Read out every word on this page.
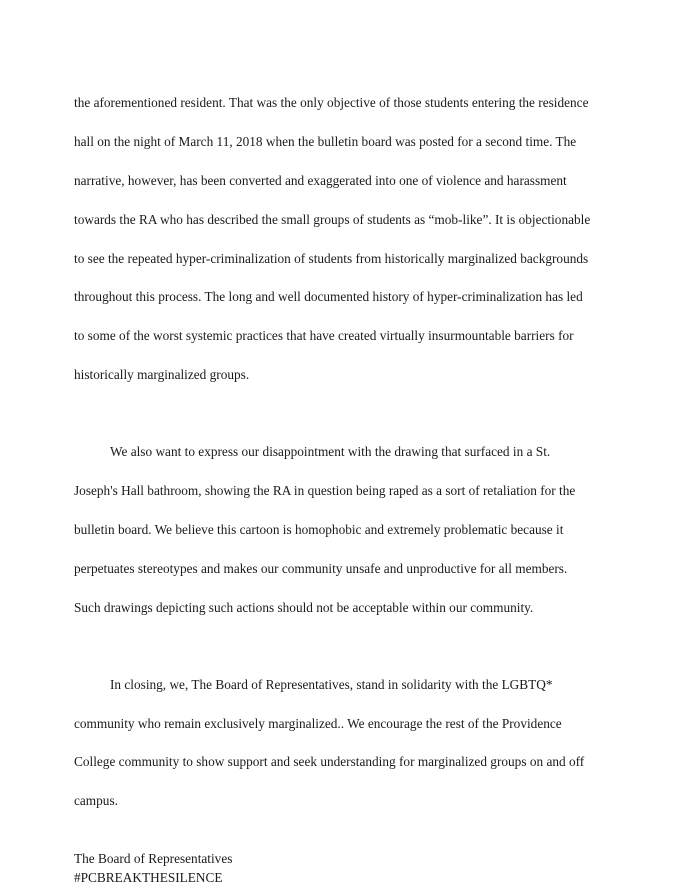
the aforementioned resident. That was the only objective of those students entering the residence

hall on the night of March 11, 2018 when the bulletin board was posted for a second time. The

narrative, however, has been converted and exaggerated into one of violence and harassment

towards the RA who has described the small groups of students as “mob-like”. It is objectionable

to see the repeated hyper-criminalization of students from historically marginalized backgrounds

throughout this process. The long and well documented history of hyper-criminalization has led

to some of the worst systemic practices that have created virtually insurmountable barriers for

historically marginalized groups.

We also want to express our disappointment with the drawing that surfaced in a St.

Joseph's Hall bathroom, showing the RA in question being raped as a sort of retaliation for the

bulletin board. We believe this cartoon is homophobic and extremely problematic because it

perpetuates stereotypes and makes our community unsafe and unproductive for all members.

Such drawings depicting such actions should not be acceptable within our community.

In closing, we, The Board of Representatives, stand in solidarity with the LGBTQ*

community who remain exclusively marginalized.. We encourage the rest of the Providence

College community to show support and seek understanding for marginalized groups on and off

campus.

The Board of Representatives
#PCBREAKTHESILENCE
